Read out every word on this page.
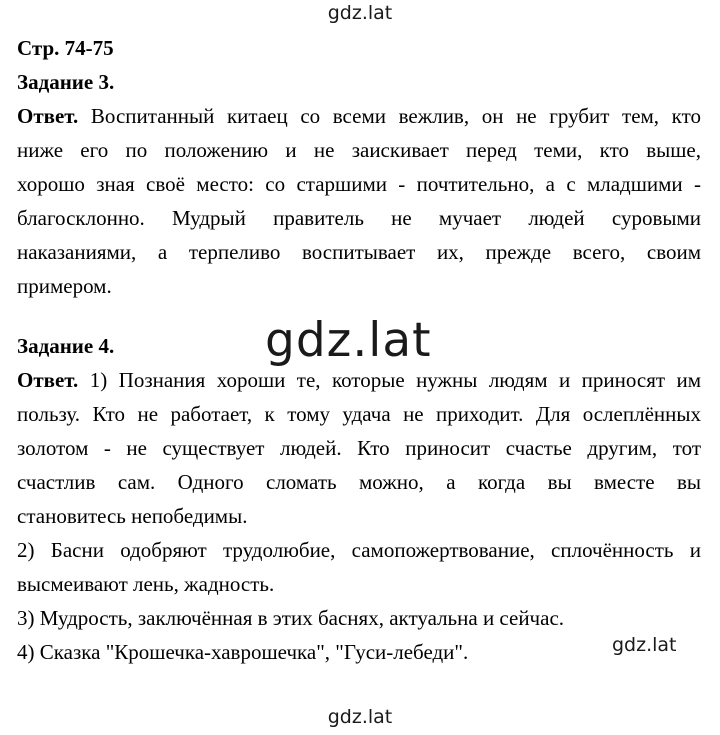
gdz.lat
Стр. 74-75
Задание 3.
Ответ. Воспитанный китаец со всеми вежлив, он не грубит тем, кто
ниже его по положению и не заискивает перед теми, кто выше,
хорошо зная своё место: со старшими - почтительно, а с младшими -
благосклонно. Мудрый правитель не мучает людей суровыми
наказаниями, а терпеливо воспитывает их, прежде всего, своим
примером.
gdz.lat
Задание 4.
Ответ. 1) Познания хороши те, которые нужны людям и приносят им
пользу. Кто не работает, к тому удача не приходит. Для ослеплённых
золотом - не существует людей. Кто приносит счастье другим, тот
счастлив сам. Одного сломать можно, а когда вы вместе вы
становитесь непобедимы.
2) Басни одобряют трудолюбие, самопожертвование, сплочённость и
высмеивают лень, жадность.
3) Мудрость, заключённая в этих баснях, актуальна и сейчас.
4) Сказка "Крошечка-хаврошечка", "Гуси-лебеди".	gdz.lat
gdz.lat
